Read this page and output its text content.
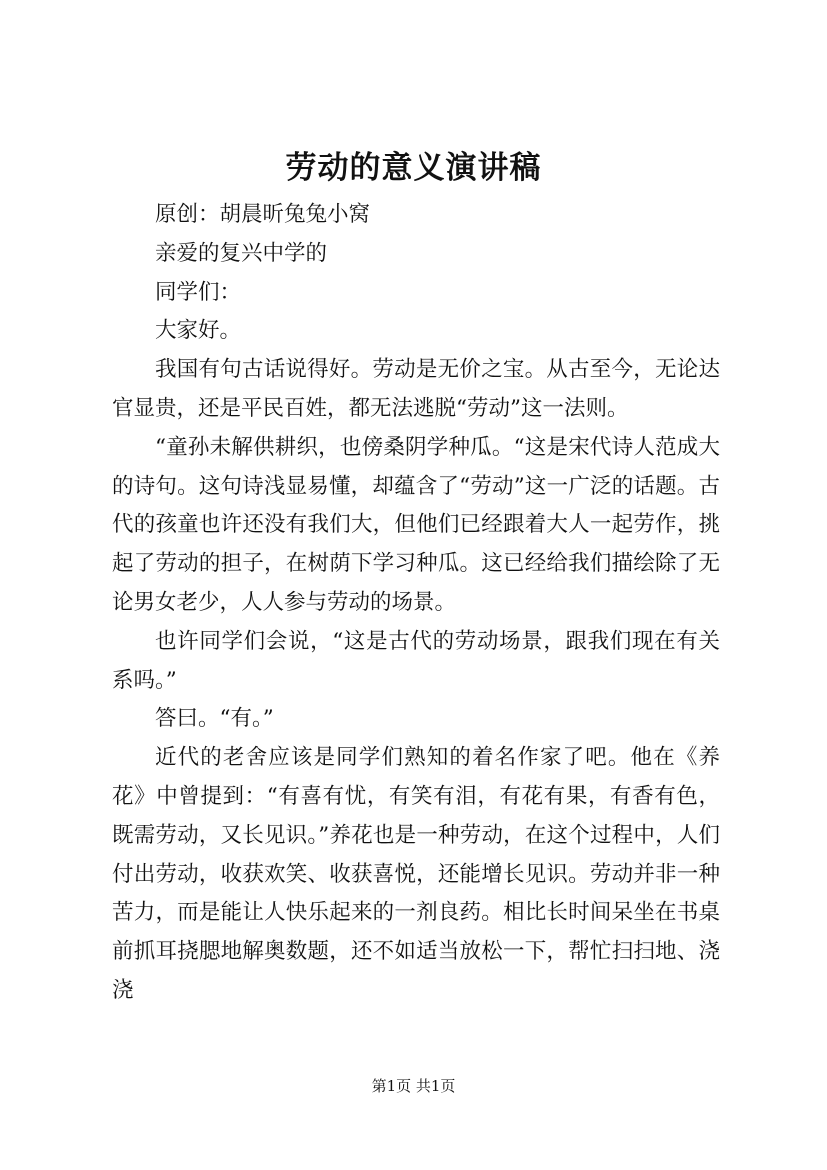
劳动的意义演讲稿

原创：胡晨昕兔兔小窝

亲爱的复兴中学的

同学们：

大家好。

我国有句古话说得好。劳动是无价之宝。从古至今，无论达官显贵，还是平民百姓，都无法逃脱“劳动”这一法则。

“童孙未解供耕织，也傍桑阴学种瓜。“这是宋代诗人范成大的诗句。这句诗浅显易懂，却蕴含了“劳动”这一广泛的话题。古代的孩童也许还没有我们大，但他们已经跟着大人一起劳作，挑起了劳动的担子，在树荫下学习种瓜。这已经给我们描绘除了无论男女老少，人人参与劳动的场景。

也许同学们会说，“这是古代的劳动场景，跟我们现在有关系吗。”

答曰。“有。”

近代的老舍应该是同学们熟知的着名作家了吧。他在《养花》中曾提到：“有喜有忧，有笑有泪，有花有果，有香有色，既需劳动，又长见识。”养花也是一种劳动，在这个过程中，人们付出劳动，收获欢笑、收获喜悦，还能增长见识。劳动并非一种苦力，而是能让人快乐起来的一剂良药。相比长时间呆坐在书桌前抓耳挠腮地解奥数题，还不如适当放松一下，帮忙扫扫地、浇浇

第1页 共1页
